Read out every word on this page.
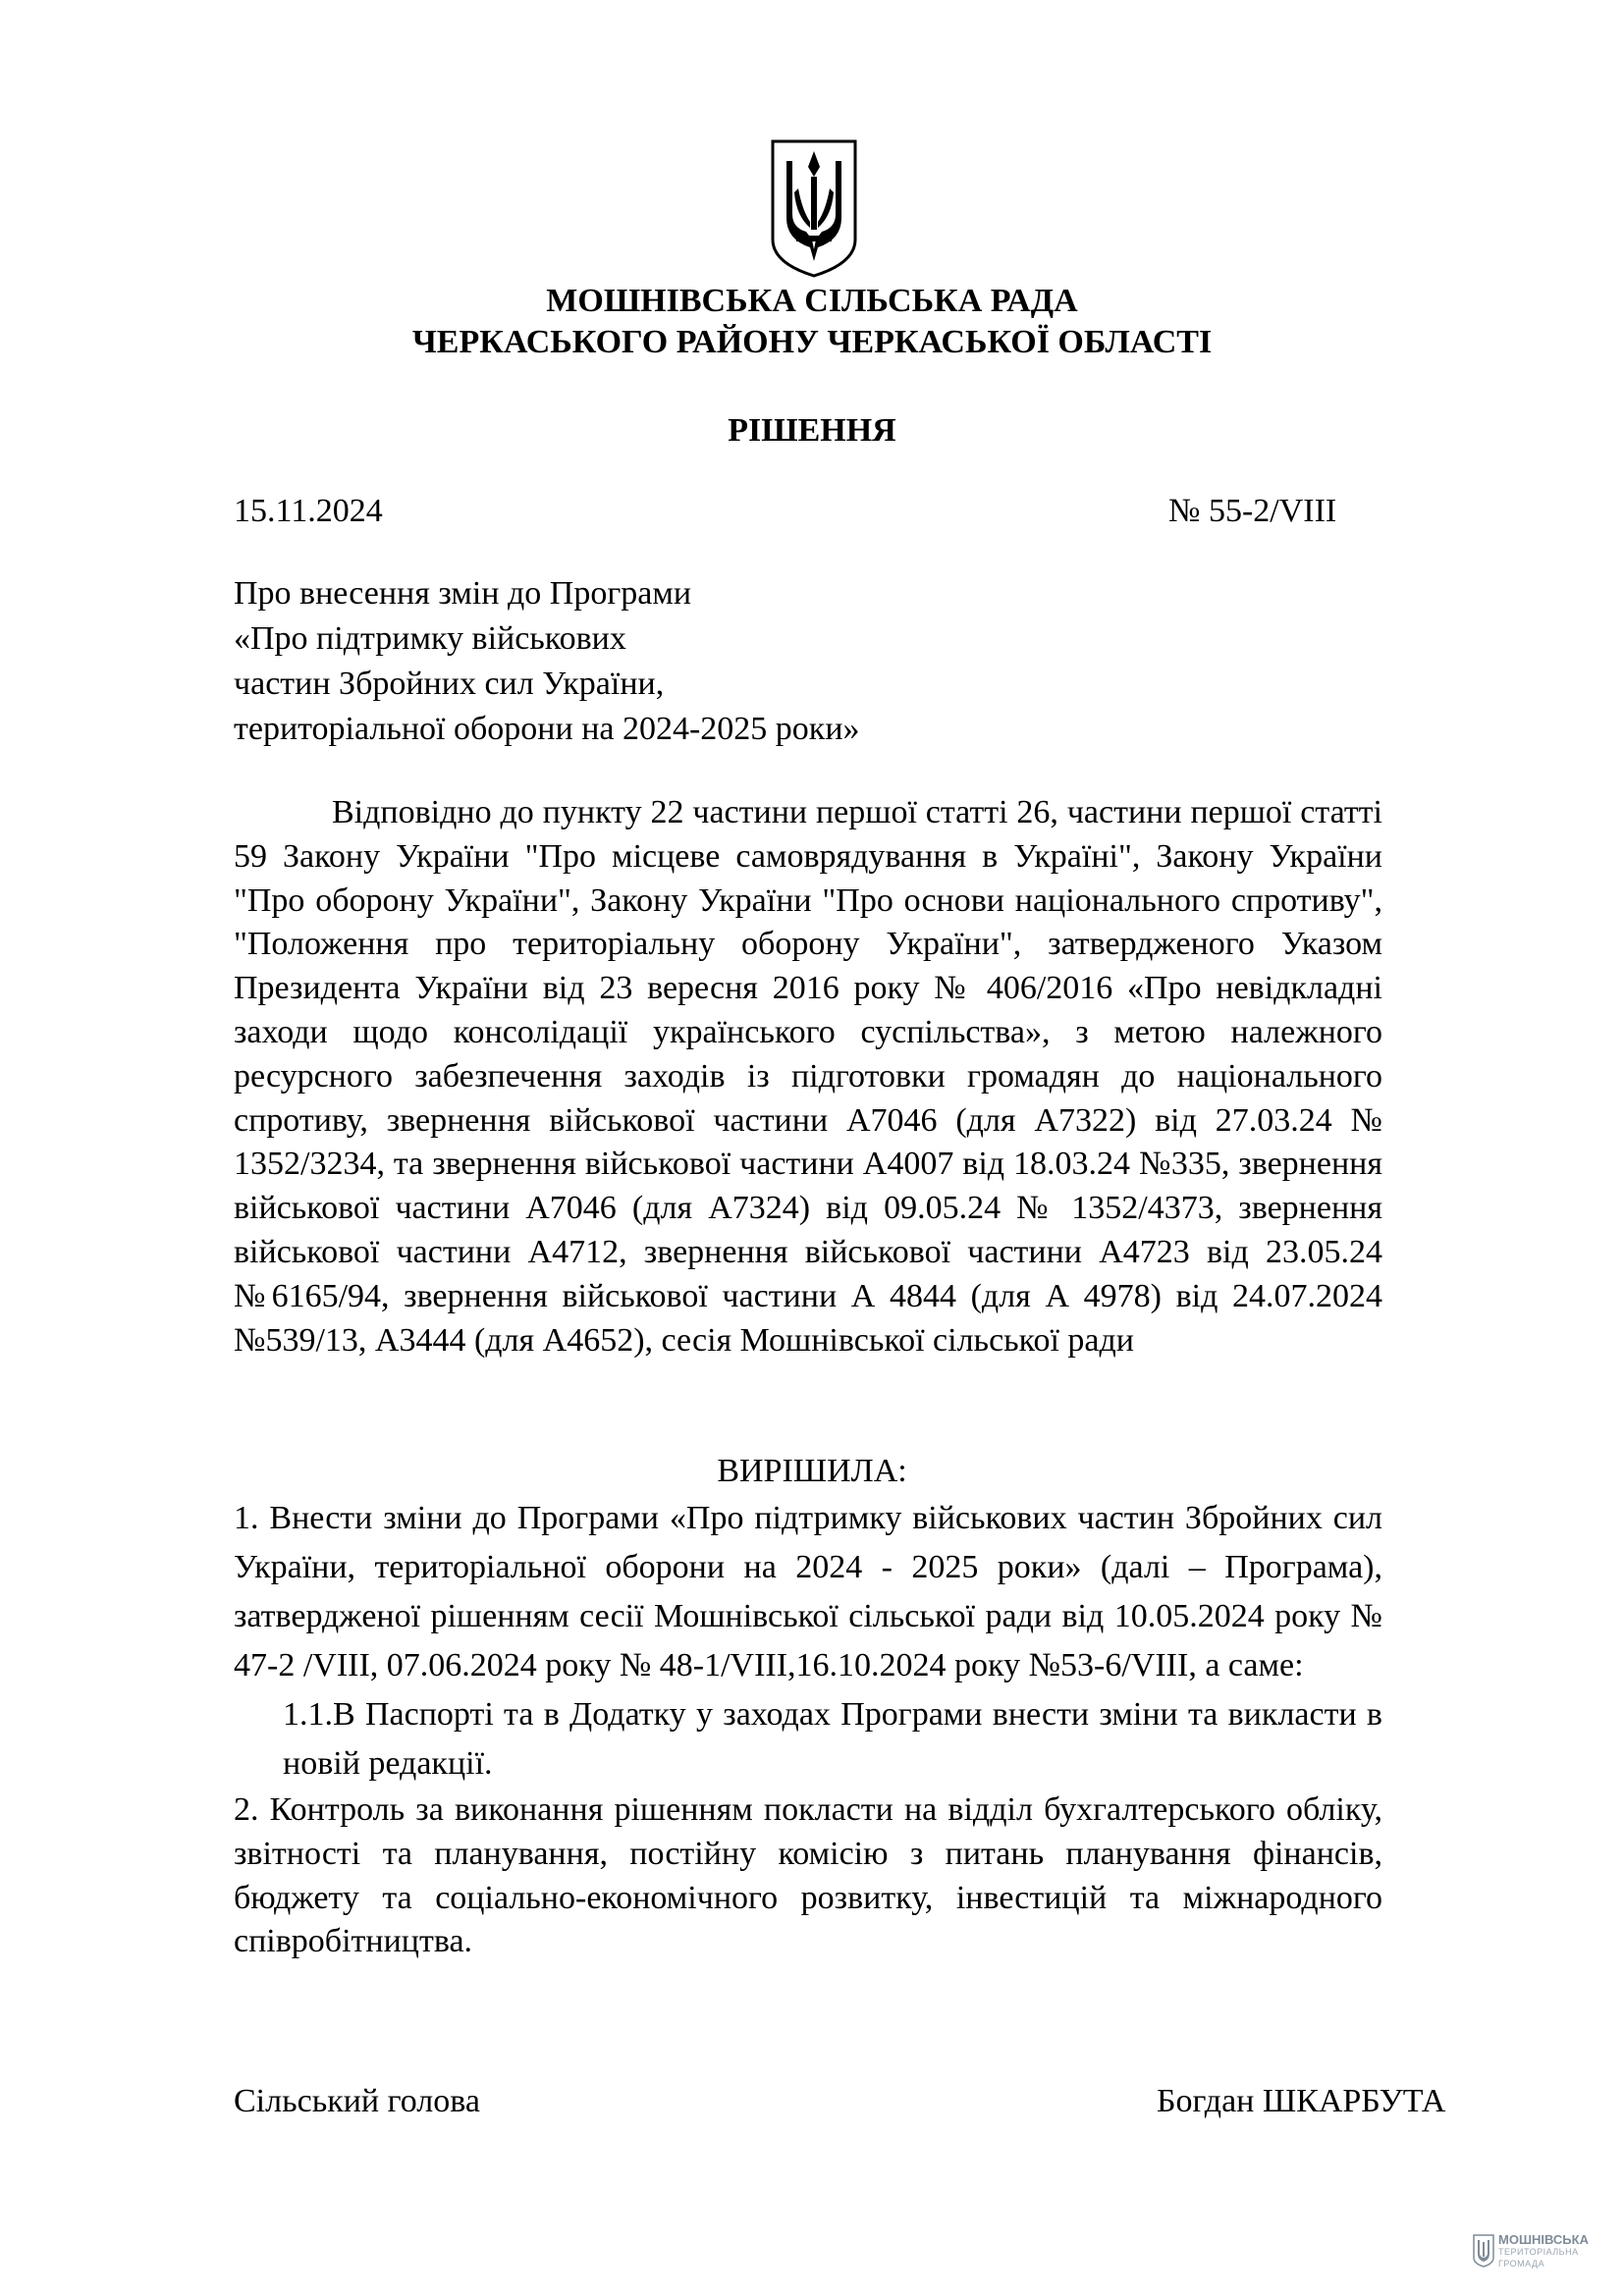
МОШНІВСЬКА СІЛЬСЬКА РАДА
ЧЕРКАСЬКОГО РАЙОНУ ЧЕРКАСЬКОЇ ОБЛАСТІ
РІШЕННЯ
15.11.2024	№ 55-2/VIII
Про внесення змін до Програми
«Про підтримку військових
частин Збройних сил України,
територіальної оборони на 2024-2025 роки»

Відповідно до пункту 22 частини першої статті 26, частини першої статті 59 Закону України "Про місцеве самоврядування в Україні", Закону України "Про оборону України", Закону України "Про основи національного спротиву", "Положення про територіальну оборону України", затвердженого Указом Президента України від 23 вересня 2016 року № 406/2016 «Про невідкладні заходи щодо консолідації українського суспільства», з метою належного ресурсного забезпечення заходів із підготовки громадян до національного спротиву, звернення військової частини А7046 (для А7322) від 27.03.24 № 1352/3234, та звернення військової частини А4007 від 18.03.24 №335, звернення військової частини А7046 (для А7324) від 09.05.24 № 1352/4373, звернення військової частини А4712, звернення військової частини А4723 від 23.05.24 №6165/94, звернення військової частини А 4844 (для А 4978) від 24.07.2024 №539/13, А3444 (для А4652), сесія Мошнівської сільської ради

ВИРІШИЛА:

1. Внести зміни до Програми «Про підтримку військових частин Збройних сил України, територіальної оборони на 2024 - 2025 роки» (далі – Програма), затвердженої рішенням сесії Мошнівської сільської ради від 10.05.2024 року № 47-2 /VIII, 07.06.2024 року № 48-1/VIII,16.10.2024 року №53-6/VIII, а саме:

1.1.В Паспорті та в Додатку у заходах Програми внести зміни та викласти в новій редакції.

2. Контроль за виконання рішенням покласти на відділ бухгалтерського обліку, звітності та планування, постійну комісію з питань планування фінансів, бюджету та соціально-економічного розвитку, інвестицій та міжнародного співробітництва.

Сільський голова	Богдан ШКАРБУТА
МОШНІВСЬКА
ТЕРИТОРІАЛЬНА
ГРОМАДА
